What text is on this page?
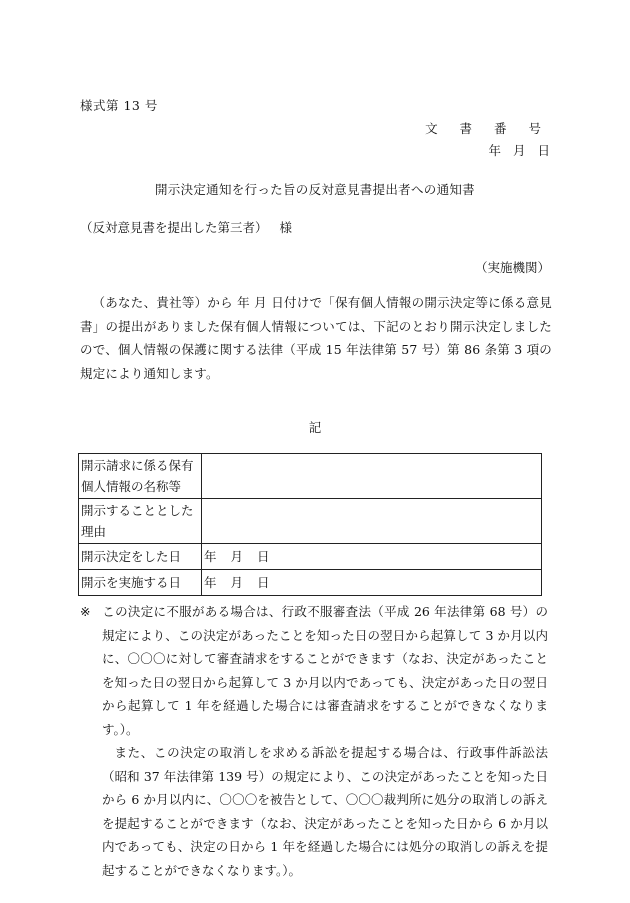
様式第 13 号
文 書 番 号
年 月 日
開示決定通知を行った旨の反対意見書提出者への通知書
（反対意見書を提出した第三者） 様
（実施機関）
（あなた、貴社等）から 年 月 日付けで「保有個人情報の開示決定等に係る意見書」の提出がありました保有個人情報については、下記のとおり開示決定しましたので、個人情報の保護に関する法律（平成 15 年法律第 57 号）第 86 条第 3 項の規定により通知します。
記
開示請求に係る保有個人情報の名称等	
開示することとした理由	
開示決定をした日	年 月 日
開示を実施する日	年 月 日
※ この決定に不服がある場合は、行政不服審査法（平成 26 年法律第 68 号）の規定により、この決定があったことを知った日の翌日から起算して 3 か月以内に、〇〇〇に対して審査請求をすることができます（なお、決定があったことを知った日の翌日から起算して 3 か月以内であっても、決定があった日の翌日から起算して 1 年を経過した場合には審査請求をすることができなくなります。）。
また、この決定の取消しを求める訴訟を提起する場合は、行政事件訴訟法（昭和 37 年法律第 139 号）の規定により、この決定があったことを知った日から 6 か月以内に、〇〇〇を被告として、〇〇〇裁判所に処分の取消しの訴えを提起することができます（なお、決定があったことを知った日から 6 か月以内であっても、決定の日から 1 年を経過した場合には処分の取消しの訴えを提起することができなくなります。）。
